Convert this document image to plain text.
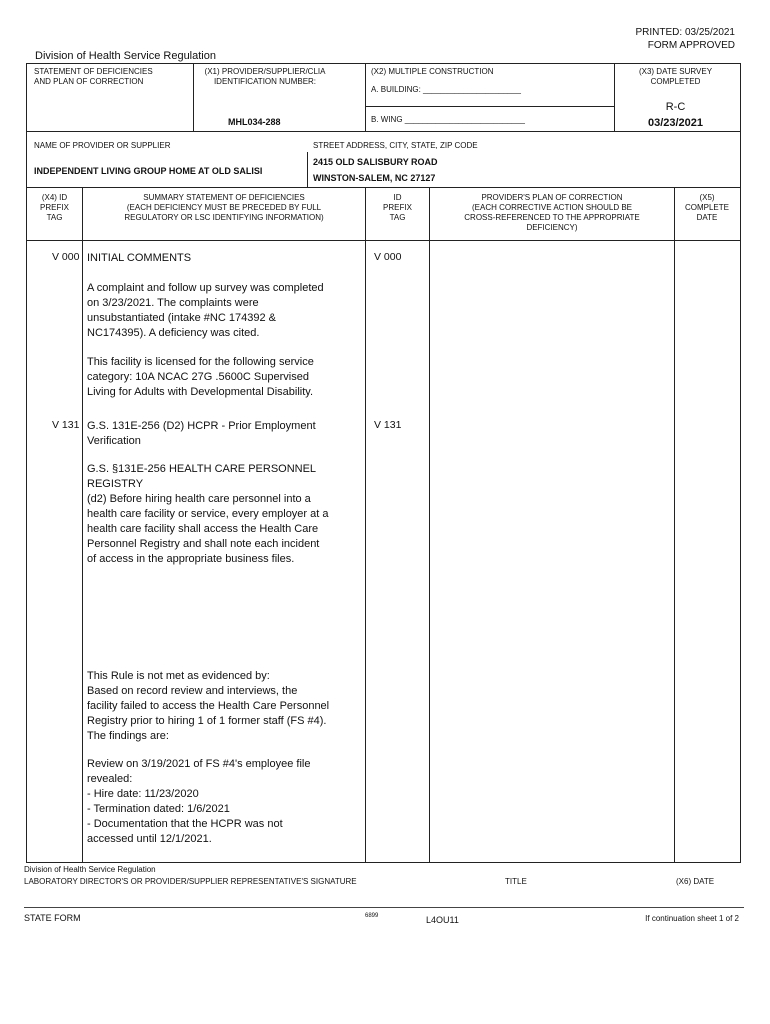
PRINTED: 03/25/2021
FORM APPROVED
Division of Health Service Regulation
STATEMENT OF DEFICIENCIES
AND PLAN OF CORRECTION
(X1) PROVIDER/SUPPLIER/CLIA
IDENTIFICATION NUMBER:
MHL034-288
(X2) MULTIPLE CONSTRUCTION
A. BUILDING: ______________________
B. WING ___________________________
(X3) DATE SURVEY
COMPLETED
R-C
03/23/2021
NAME OF PROVIDER OR SUPPLIER
INDEPENDENT LIVING GROUP HOME AT OLD SALISI
STREET ADDRESS, CITY, STATE, ZIP CODE
2415 OLD SALISBURY ROAD
WINSTON-SALEM, NC 27127
(X4) ID
PREFIX
TAG
SUMMARY STATEMENT OF DEFICIENCIES
(EACH DEFICIENCY MUST BE PRECEDED BY FULL
REGULATORY OR LSC IDENTIFYING INFORMATION)
ID
PREFIX
TAG
PROVIDER'S PLAN OF CORRECTION
(EACH CORRECTIVE ACTION SHOULD BE
CROSS-REFERENCED TO THE APPROPRIATE
DEFICIENCY)
(X5)
COMPLETE
DATE
V 000	V 000
INITIAL COMMENTS
A complaint and follow up survey was completed
on 3/23/2021. The complaints were
unsubstantiated (intake #NC 174392 &
NC174395). A deficiency was cited.
This facility is licensed for the following service
category: 10A NCAC 27G .5600C Supervised
Living for Adults with Developmental Disability.
V 131	V 131
G.S. 131E-256 (D2) HCPR - Prior Employment
Verification
G.S. §131E-256 HEALTH CARE PERSONNEL
REGISTRY
(d2) Before hiring health care personnel into a
health care facility or service, every employer at a
health care facility shall access the Health Care
Personnel Registry and shall note each incident
of access in the appropriate business files.
This Rule is not met as evidenced by:
Based on record review and interviews, the
facility failed to access the Health Care Personnel
Registry prior to hiring 1 of 1 former staff (FS #4).
The findings are:
Review on 3/19/2021 of FS #4's employee file
revealed:
- Hire date: 11/23/2020
- Termination dated: 1/6/2021
- Documentation that the HCPR was not
accessed until 12/1/2021.
Division of Health Service Regulation
LABORATORY DIRECTOR'S OR PROVIDER/SUPPLIER REPRESENTATIVE'S SIGNATURE	TITLE	(X6) DATE
STATE FORM	6899	L4OU11	If continuation sheet 1 of 2
